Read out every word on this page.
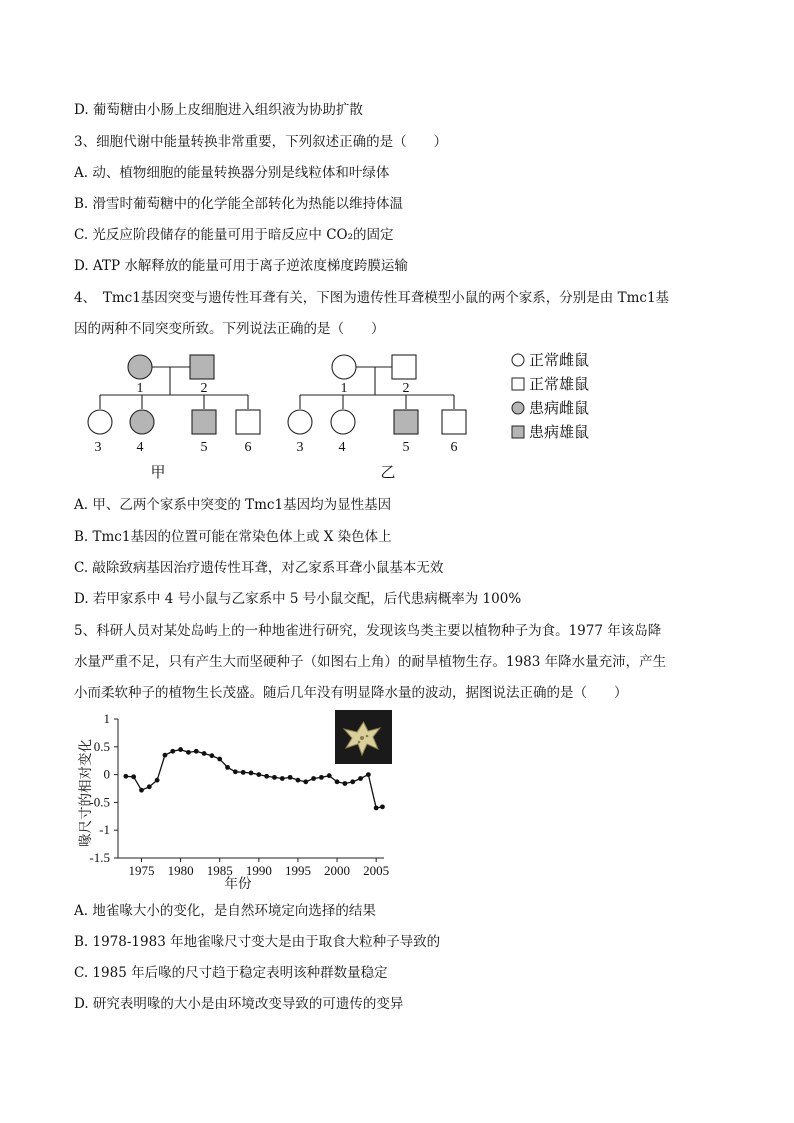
D. 葡萄糖由小肠上皮细胞进入组织液为协助扩散
3、细胞代谢中能量转换非常重要，下列叙述正确的是（　　）
A. 动、植物细胞的能量转换器分别是线粒体和叶绿体
B. 滑雪时葡萄糖中的化学能全部转化为热能以维持体温
C. 光反应阶段储存的能量可用于暗反应中 CO₂的固定
D. ATP 水解释放的能量可用于离子逆浓度梯度跨膜运输
4、　Tmc1基因突变与遗传性耳聋有关，下图为遗传性耳聋模型小鼠的两个家系，分别是由 Tmc1基
因的两种不同突变所致。下列说法正确的是（　　）
1	2
3	4	5	6
1	2
3	4	5	6
甲	乙
正常雌鼠
正常雄鼠
患病雌鼠
患病雄鼠
A. 甲、乙两个家系中突变的 Tmc1基因均为显性基因
B. Tmc1基因的位置可能在常染色体上或 X 染色体上
C. 敲除致病基因治疗遗传性耳聋，对乙家系耳聋小鼠基本无效
D. 若甲家系中 4 号小鼠与乙家系中 5 号小鼠交配，后代患病概率为 100%
5、科研人员对某处岛屿上的一种地雀进行研究，发现该鸟类主要以植物种子为食。1977 年该岛降
水量严重不足，只有产生大而坚硬种子（如图右上角）的耐旱植物生存。1983 年降水量充沛，产生
小而柔软种子的植物生长茂盛。随后几年没有明显降水量的波动，据图说法正确的是（　　）
1
0.5
0
-0.5
-1
-1.5
1975 1980 1985 1990 1995 2000 2005
喙尺寸的相对变化
年份
A. 地雀喙大小的变化，是自然环境定向选择的结果
B. 1978-1983 年地雀喙尺寸变大是由于取食大粒种子导致的
C. 1985 年后喙的尺寸趋于稳定表明该种群数量稳定
D. 研究表明喙的大小是由环境改变导致的可遗传的变异
